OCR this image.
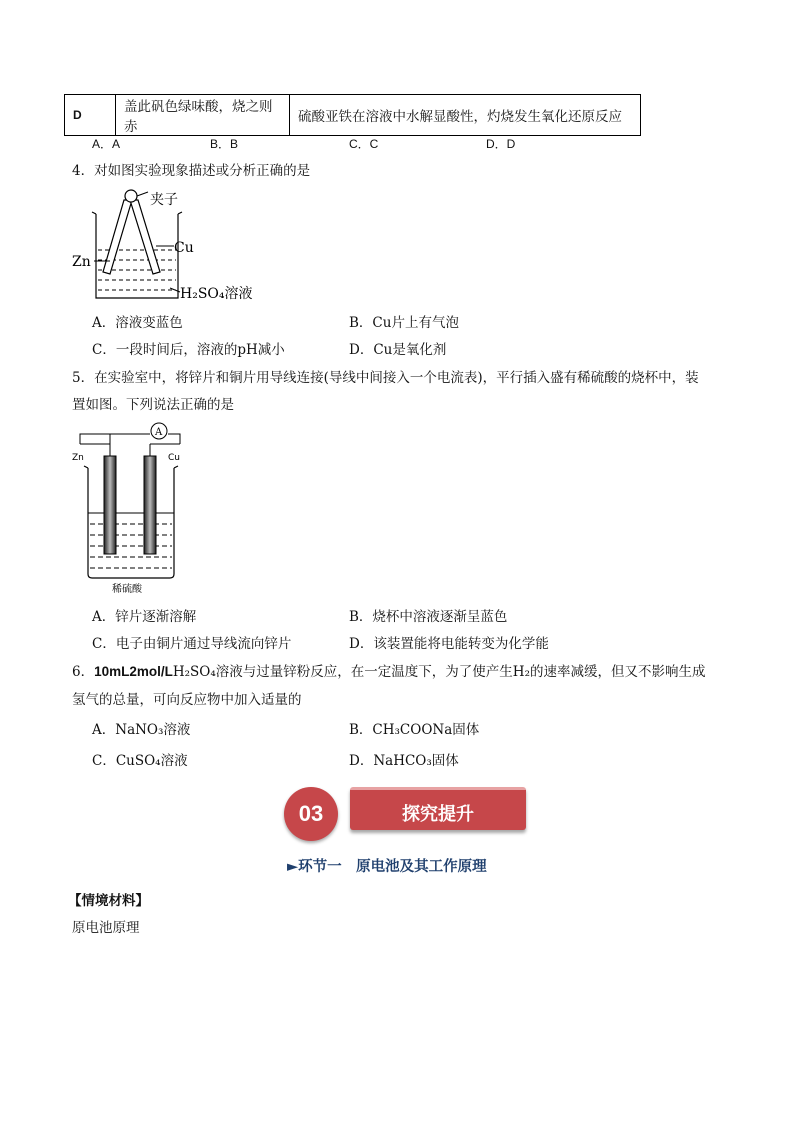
D	盖此矾色绿味酸，烧之则赤	硫酸亚铁在溶液中水解显酸性，灼烧发生氧化还原反应
A．A	B．B	C．C	D．D
4．对如图实验现象描述或分析正确的是
夹子
Zn
Cu
H₂SO₄溶液
A．溶液变蓝色	B．Cu片上有气泡
C．一段时间后，溶液的pH减小	D．Cu是氧化剂
5．在实验室中，将锌片和铜片用导线连接(导线中间接入一个电流表)，平行插入盛有稀硫酸的烧杯中，装
置如图。下列说法正确的是
A
Zn	Cu
稀硫酸
A．锌片逐渐溶解	B．烧杯中溶液逐渐呈蓝色
C．电子由铜片通过导线流向锌片	D．该装置能将电能转变为化学能
6．10mL2mol/LH₂SO₄溶液与过量锌粉反应，在一定温度下，为了使产生H₂的速率减缓，但又不影响生成
氢气的总量，可向反应物中加入适量的
A．NaNO₃溶液	B．CH₃COONa固体
C．CuSO₄溶液	D．NaHCO₃固体
探究提升
03
►环节一　原电池及其工作原理
【情境材料】
原电池原理
